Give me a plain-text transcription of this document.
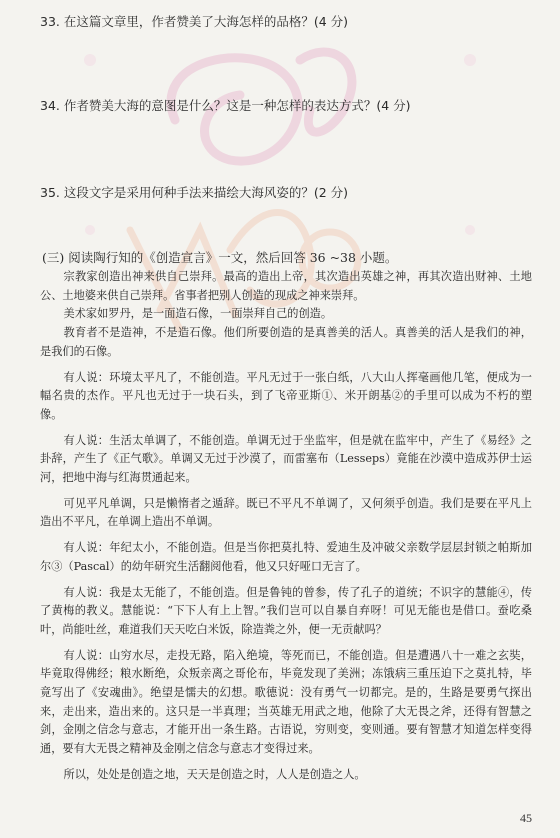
33. 在这篇文章里，作者赞美了大海怎样的品格？(4 分)
34. 作者赞美大海的意图是什么？这是一种怎样的表达方式？(4 分)
35. 这段文字是采用何种手法来描绘大海风姿的？(2 分)
(三) 阅读陶行知的《创造宣言》一文，然后回答 36 ~38 小题。

宗教家创造出神来供自己崇拜。最高的造出上帝，其次造出英雄之神，再其次造出财神、土地公、土地婆来供自己崇拜。省事者把别人创造的现成之神来崇拜。

美术家如罗丹，是一面造石像，一面崇拜自己的创造。

教育者不是造神，不是造石像。他们所要创造的是真善美的活人。真善美的活人是我们的神，是我们的石像。

有人说：环境太平凡了，不能创造。平凡无过于一张白纸，八大山人挥毫画他几笔，便成为一幅名贵的杰作。平凡也无过于一块石头，到了飞帝亚斯①、米开朗基②的手里可以成为不朽的塑像。

有人说：生活太单调了，不能创造。单调无过于坐监牢，但是就在监牢中，产生了《易经》之卦辞，产生了《正气歌》。单调又无过于沙漠了，而雷塞布（Lesseps）竟能在沙漠中造成苏伊士运河，把地中海与红海贯通起来。

可见平凡单调，只是懒惰者之遁辞。既已不平凡不单调了，又何须乎创造。我们是要在平凡上造出不平凡，在单调上造出不单调。

有人说：年纪太小，不能创造。但是当你把莫扎特、爱迪生及冲破父亲数学层层封锁之帕斯加尔③（Pascal）的幼年研究生活翻阅他看，他又只好哑口无言了。

有人说：我是太无能了，不能创造。但是鲁钝的曾参，传了孔子的道统；不识字的慧能④，传了黄梅的教义。慧能说：“下下人有上上智。”我们岂可以自暴自弃呀！可见无能也是借口。蚕吃桑叶，尚能吐丝，难道我们天天吃白米饭，除造粪之外，便一无贡献吗？

有人说：山穷水尽，走投无路，陷入绝境，等死而已，不能创造。但是遭遇八十一难之玄奘，毕竟取得佛经；粮水断绝，众叛亲离之哥伦布，毕竟发现了美洲；冻饿病三重压迫下之莫扎特，毕竟写出了《安魂曲》。绝望是懦夫的幻想。歌德说：没有勇气一切都完。是的，生路是要勇气探出来，走出来，造出来的。这只是一半真理；当英雄无用武之地，他除了大无畏之斧，还得有智慧之剑，金刚之信念与意志，才能开出一条生路。古语说，穷则变，变则通。要有智慧才知道怎样变得通，要有大无畏之精神及金刚之信念与意志才变得过来。

所以，处处是创造之地，天天是创造之时，人人是创造之人。

45
